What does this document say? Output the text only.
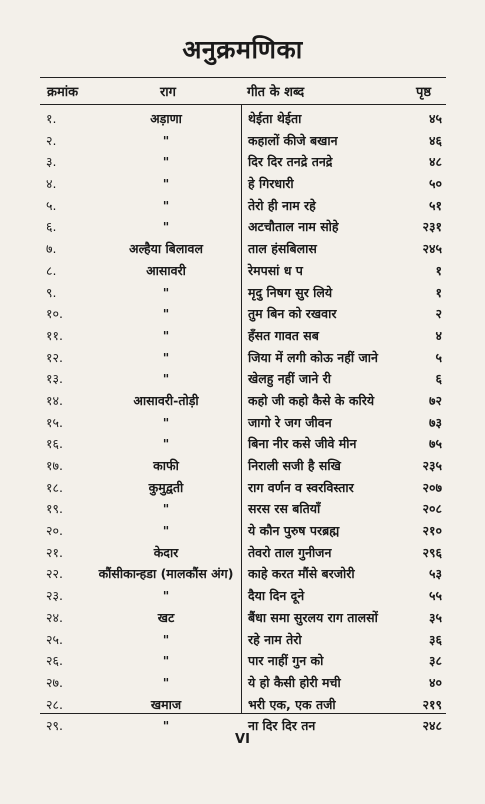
अनुक्रमणिका
क्रमांक	राग	गीत के शब्द	पृष्ठ
१.	अड़ाणा	थेईता थेईता	४५
२.	"	कहालों कीजे बखान	४६
३.	"	दिर दिर तनद्रे तनद्रे	४८
४.	"	हे गिरधारी	५०
५.	"	तेरो ही नाम रहे	५१
६.	"	अटचौताल नाम सोहे	२३१
७.	अल्हैया बिलावल	ताल हंसबिलास	२४५
८.	आसावरी	रेमपसां ध प	१
९.	"	मृदु निषग सुर लिये	१
१०.	"	तुम बिन को रखवार	२
११.	"	हँसत गावत सब	४
१२.	"	जिया में लगी कोऊ नहीं जाने	५
१३.	"	खेलहु नहीं जाने री	६
१४.	आसावरी-तोड़ी	कहो जी कहो कैसे के करिये	७२
१५.	"	जागो रे जग जीवन	७३
१६.	"	बिना नीर कसे जीवे मीन	७५
१७.	काफी	निराली सजी है सखि	२३५
१८.	कुमुद्वती	राग वर्णन व स्वरविस्तार	२०७
१९.	"	सरस रस बतियाँ	२०८
२०.	"	ये कौन पुरुष परब्रह्म	२१०
२१.	केदार	तेवरो ताल गुनीजन	२९६
२२.	कौंसीकान्हडा (मालकौंस अंग)	काहे करत मौंसे बरजोरी	५३
२३.	"	दैया दिन दूने	५५
२४.	खट	बैंधा समा सुरलय राग तालसों	३५
२५.	"	रहे नाम तेरो	३६
२६.	"	पार नाहीं गुन को	३८
२७.	"	ये हो कैसी होरी मची	४०
२८.	खमाज	भरी एक, एक तजी	२१९
२९.	"	ना दिर दिर तन	२४८
VI
